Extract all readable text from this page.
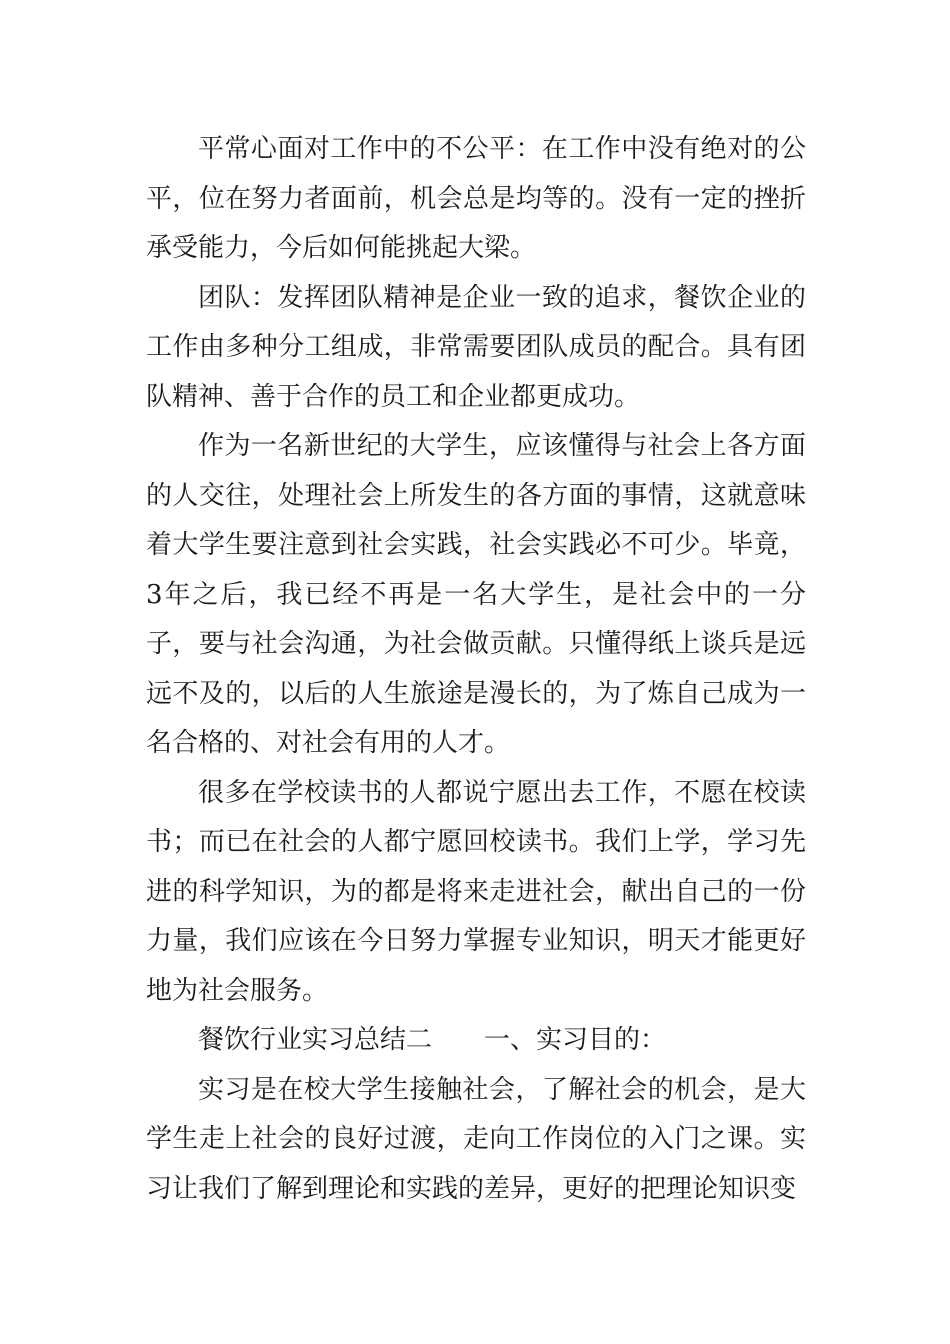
平常心面对工作中的不公平：在工作中没有绝对的公平，位在努力者面前，机会总是均等的。没有一定的挫折承受能力，今后如何能挑起大梁。

团队：发挥团队精神是企业一致的追求，餐饮企业的工作由多种分工组成，非常需要团队成员的配合。具有团队精神、善于合作的员工和企业都更成功。

作为一名新世纪的大学生，应该懂得与社会上各方面的人交往，处理社会上所发生的各方面的事情，这就意味着大学生要注意到社会实践，社会实践必不可少。毕竟，3年之后，我已经不再是一名大学生，是社会中的一分子，要与社会沟通，为社会做贡献。只懂得纸上谈兵是远远不及的，以后的人生旅途是漫长的，为了炼自己成为一名合格的、对社会有用的人才。

很多在学校读书的人都说宁愿出去工作，不愿在校读书；而已在社会的人都宁愿回校读书。我们上学，学习先进的科学知识，为的都是将来走进社会，献出自己的一份力量，我们应该在今日努力掌握专业知识，明天才能更好地为社会服务。

餐饮行业实习总结二 一、实习目的：

实习是在校大学生接触社会，了解社会的机会，是大学生走上社会的良好过渡，走向工作岗位的入门之课。实习让我们了解到理论和实践的差异，更好的把理论知识变
